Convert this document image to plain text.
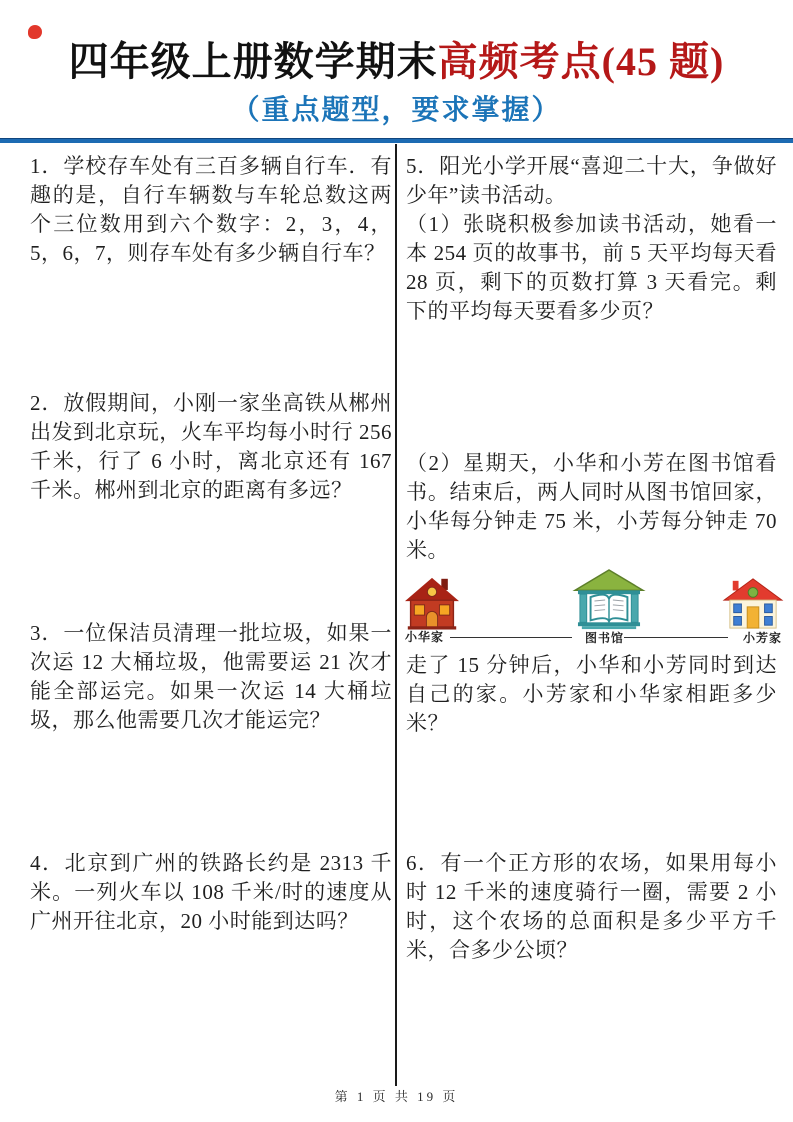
四年级上册数学期末高频考点(45 题)
（重点题型，要求掌握）

1．学校存车处有三百多辆自行车．有趣的是，自行车辆数与车轮总数这两个三位数用到六个数字：2，3，4，5，6，7，则存车处有多少辆自行车？

2．放假期间，小刚一家坐高铁从郴州出发到北京玩，火车平均每小时行 256 千米，行了 6 小时，离北京还有 167 千米。郴州到北京的距离有多远？

3．一位保洁员清理一批垃圾，如果一次运 12 大桶垃圾，他需要运 21 次才能全部运完。如果一次运 14 大桶垃圾，那么他需要几次才能运完？

4．北京到广州的铁路长约是 2313 千米。一列火车以 108 千米/时的速度从广州开往北京，20 小时能到达吗？

5．阳光小学开展“喜迎二十大，争做好少年”读书活动。

（1）张晓积极参加读书活动，她看一本 254 页的故事书，前 5 天平均每天看 28 页，剩下的页数打算 3 天看完。剩下的平均每天要看多少页？

（2）星期天，小华和小芳在图书馆看书。结束后，两人同时从图书馆回家，小华每分钟走 75 米，小芳每分钟走 70 米。

小华家	图书馆	小芳家

走了 15 分钟后，小华和小芳同时到达自己的家。小芳家和小华家相距多少米？

6．有一个正方形的农场，如果用每小时 12 千米的速度骑行一圈，需要 2 小时，这个农场的总面积是多少平方千米，合多少公顷？

第 1 页 共 19 页
